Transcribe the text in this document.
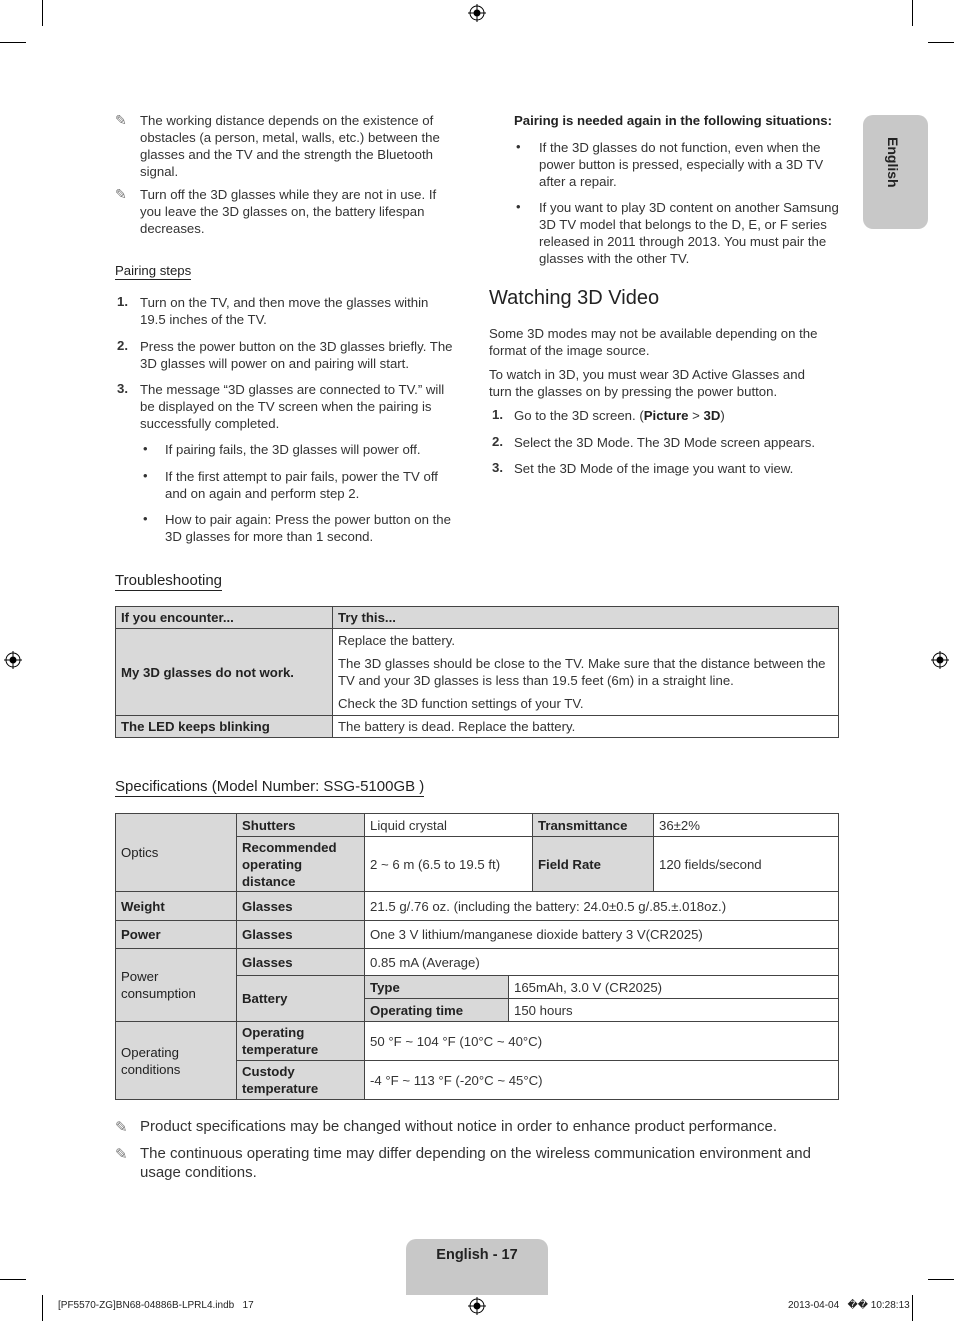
English
✎ The working distance depends on the existence of obstacles (a person, metal, walls, etc.) between the glasses and the TV and the strength the Bluetooth signal.
✎ Turn off the 3D glasses while they are not in use. If you leave the 3D glasses on, the battery lifespan decreases.
Pairing steps
1. Turn on the TV, and then move the glasses within 19.5 inches of the TV.
2. Press the power button on the 3D glasses briefly. The 3D glasses will power on and pairing will start.
3. The message “3D glasses are connected to TV.” will be displayed on the TV screen when the pairing is successfully completed.
• If pairing fails, the 3D glasses will power off.
• If the first attempt to pair fails, power the TV off and on again and perform step 2.
• How to pair again: Press the power button on the 3D glasses for more than 1 second.
Pairing is needed again in the following situations:
• If the 3D glasses do not function, even when the power button is pressed, especially with a 3D TV after a repair.
• If you want to play 3D content on another Samsung 3D TV model that belongs to the D, E, or F series released in 2011 through 2013. You must pair the glasses with the other TV.
Watching 3D Video
Some 3D modes may not be available depending on the format of the image source.
To watch in 3D, you must wear 3D Active Glasses and turn the glasses on by pressing the power button.
1. Go to the 3D screen. (Picture > 3D)
2. Select the 3D Mode. The 3D Mode screen appears.
3. Set the 3D Mode of the image you want to view.
Troubleshooting
If you encounter...	Try this...
My 3D glasses do not work.	Replace the battery.
The 3D glasses should be close to the TV. Make sure that the distance between the TV and your 3D glasses is less than 19.5 feet (6m) in a straight line.
Check the 3D function settings of your TV.

The LED keeps blinking	The battery is dead. Replace the battery.
Specifications (Model Number: SSG-5100GB )
Optics	Shutters	Liquid crystal	Transmittance	36±2%
	Recommended operating distance	2 ~ 6 m (6.5 to 19.5 ft)	Field Rate	120 fields/second
Weight	Glasses	21.5 g/.76 oz. (including the battery: 24.0±0.5 g/.85.±.018oz.)
Power	Glasses	One 3 V lithium/manganese dioxide battery 3 V(CR2025)
Power consumption	Glasses	0.85 mA (Average)	
	Battery	Type	165mAh, 3.0 V (CR2025)
		Operating time	150 hours
Operating conditions	Operating temperature	50 °F ~ 104 °F (10°C ~ 40°C)
	Custody temperature	-4 °F ~ 113 °F (-20°C ~ 45°C)
✎ Product specifications may be changed without notice in order to enhance product performance.
✎ The continuous operating time may differ depending on the wireless communication environment and usage conditions.
English - 17
[PF5570-ZG]BN68-04886B-LPRL4.indb   17	2013-04-04   �� 10:28:13
